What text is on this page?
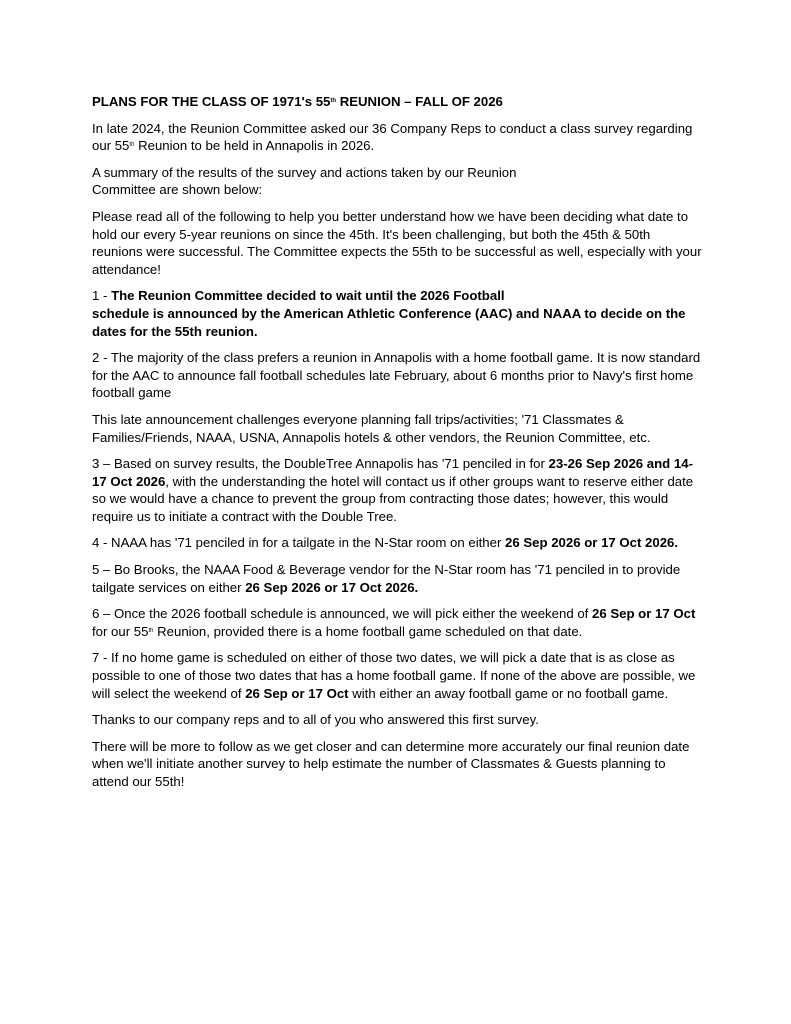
PLANS FOR THE CLASS OF 1971's 55th REUNION – FALL OF 2026

In late 2024, the Reunion Committee asked our 36 Company Reps to conduct a class survey regarding our 55th Reunion to be held in Annapolis in 2026.

A summary of the results of the survey and actions taken by our Reunion
Committee are shown below:

Please read all of the following to help you better understand how we have been deciding what date to hold our every 5-year reunions on since the 45th. It's been challenging, but both the 45th & 50th reunions were successful. The Committee expects the 55th to be successful as well, especially with your attendance!

1 - The Reunion Committee decided to wait until the 2026 Football
schedule is announced by the American Athletic Conference (AAC) and NAAA to decide on the dates for the 55th reunion.

2 - The majority of the class prefers a reunion in Annapolis with a home football game. It is now standard for the AAC to announce fall football schedules late February, about 6 months prior to Navy's first home football game

This late announcement challenges everyone planning fall trips/activities; '71 Classmates & Families/Friends, NAAA, USNA, Annapolis hotels & other vendors, the Reunion Committee, etc.

3 – Based on survey results, the DoubleTree Annapolis has '71 penciled in for 23-26 Sep 2026 and 14-17 Oct 2026, with the understanding the hotel will contact us if other groups want to reserve either date so we would have a chance to prevent the group from contracting those dates; however, this would require us to initiate a contract with the Double Tree.

4 - NAAA has '71 penciled in for a tailgate in the N-Star room on either 26 Sep 2026 or 17 Oct 2026.

5 – Bo Brooks, the NAAA Food & Beverage vendor for the N-Star room has '71 penciled in to provide tailgate services on either 26 Sep 2026 or 17 Oct 2026.

6 – Once the 2026 football schedule is announced, we will pick either the weekend of 26 Sep or 17 Oct for our 55th Reunion, provided there is a home football game scheduled on that date.

7 - If no home game is scheduled on either of those two dates, we will pick a date that is as close as possible to one of those two dates that has a home football game. If none of the above are possible, we will select the weekend of 26 Sep or 17 Oct with either an away football game or no football game.

Thanks to our company reps and to all of you who answered this first survey.

There will be more to follow as we get closer and can determine more accurately our final reunion date when we'll initiate another survey to help estimate the number of Classmates & Guests planning to attend our 55th!
